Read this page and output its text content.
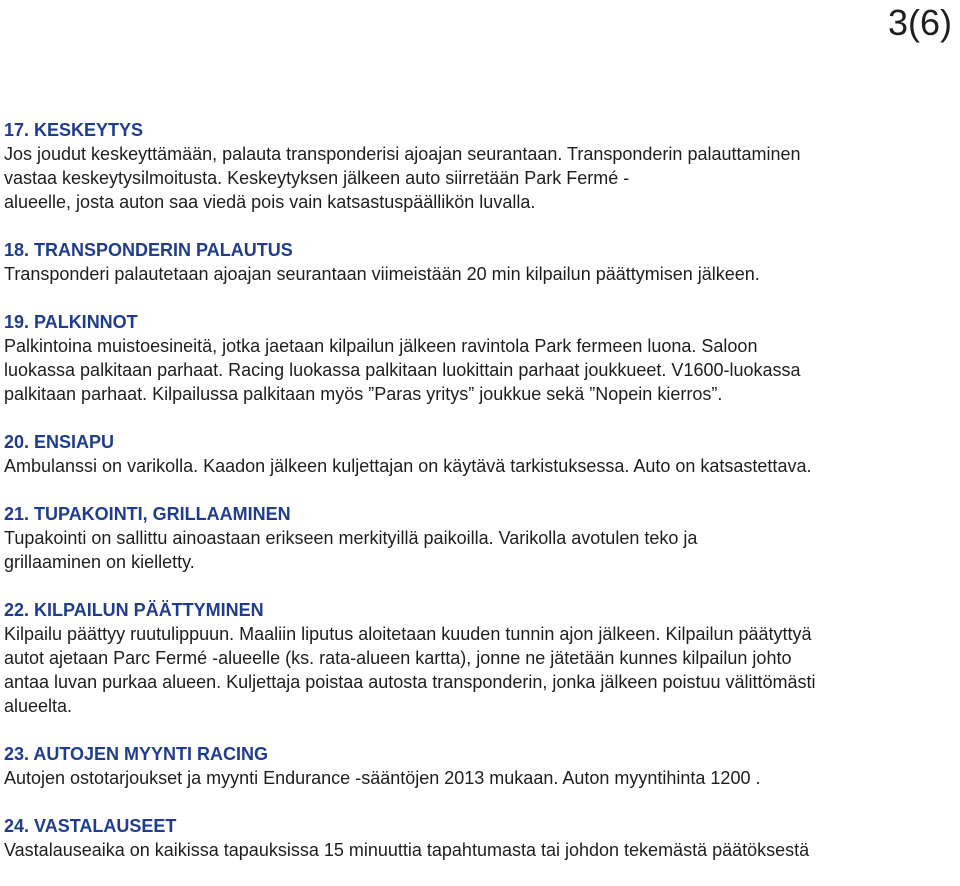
3(6)

17. KESKEYTYS

Jos joudut keskeyttämään, palauta transponderisi ajoajan seurantaan. Transponderin palauttaminen
vastaa keskeytysilmoitusta. Keskeytyksen jälkeen auto siirretään Park Fermé -
alueelle, josta auton saa viedä pois vain katsastuspäällikön luvalla.

18. TRANSPONDERIN PALAUTUS

Transponderi palautetaan ajoajan seurantaan viimeistään 20 min kilpailun päättymisen jälkeen.

19. PALKINNOT

Palkintoina muistoesineitä, jotka jaetaan kilpailun jälkeen ravintola Park fermeen luona. Saloon
luokassa palkitaan parhaat. Racing luokassa palkitaan luokittain parhaat joukkueet. V1600-luokassa
palkitaan parhaat. Kilpailussa palkitaan myös ”Paras yritys” joukkue sekä ”Nopein kierros”.

20. ENSIAPU

Ambulanssi on varikolla. Kaadon jälkeen kuljettajan on käytävä tarkistuksessa. Auto on katsastettava.

21. TUPAKOINTI, GRILLAAMINEN

Tupakointi on sallittu ainoastaan erikseen merkityillä paikoilla. Varikolla avotulen teko ja
grillaaminen on kielletty.

22. KILPAILUN PÄÄTTYMINEN

Kilpailu päättyy ruutulippuun. Maaliin liputus aloitetaan kuuden tunnin ajon jälkeen. Kilpailun päätyttyä
autot ajetaan Parc Fermé -alueelle (ks. rata-alueen kartta), jonne ne jätetään kunnes kilpailun johto
antaa luvan purkaa alueen. Kuljettaja poistaa autosta transponderin, jonka jälkeen poistuu välittömästi
alueelta.

23. AUTOJEN MYYNTI RACING

Autojen ostotarjoukset ja myynti Endurance -sääntöjen 2013 mukaan. Auton myyntihinta 1200 .

24. VASTALAUSEET

Vastalauseaika on kaikissa tapauksissa 15 minuuttia tapahtumasta tai johdon tekemästä päätöksestä
